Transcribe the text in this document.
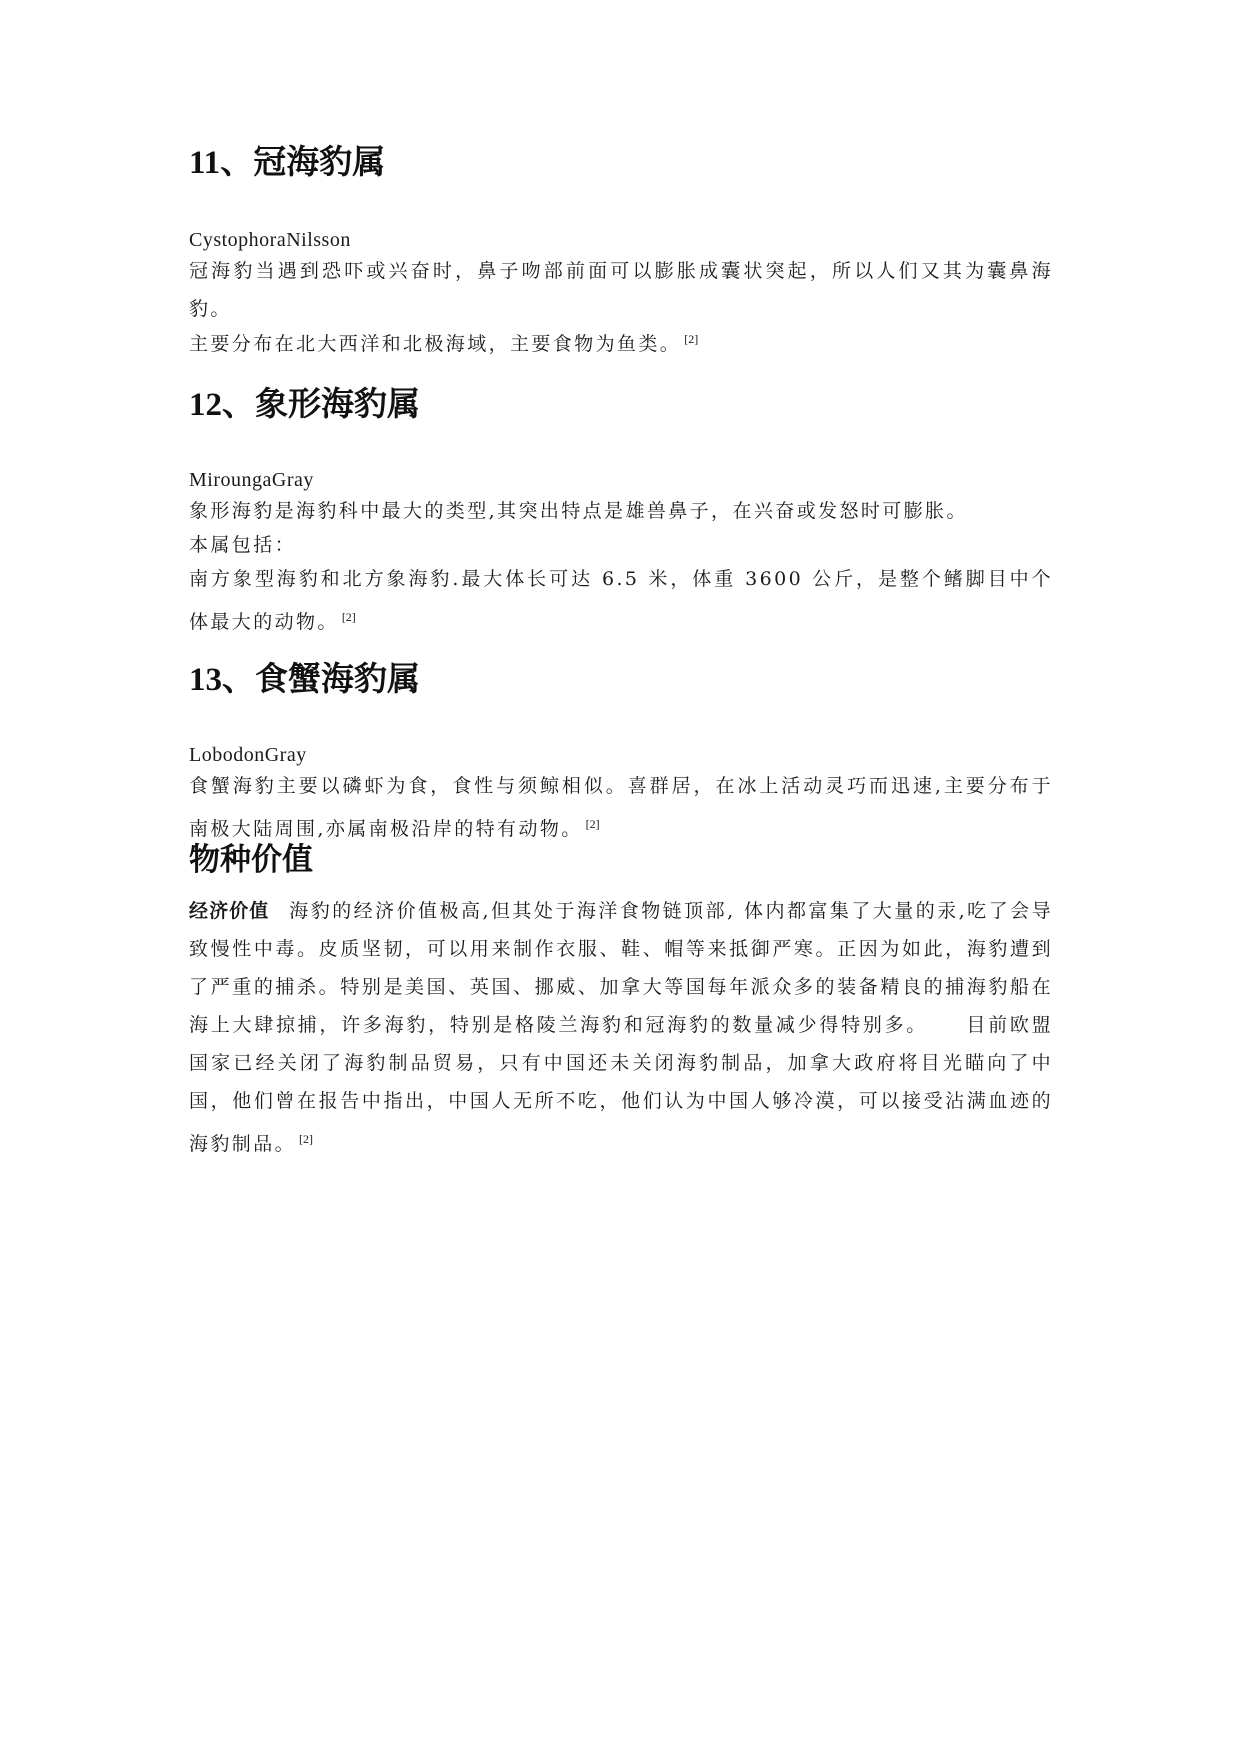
11、冠海豹属
CystophoraNilsson

冠海豹当遇到恐吓或兴奋时，鼻子吻部前面可以膨胀成囊状突起，所以人们又其为囊鼻海豹。

主要分布在北大西洋和北极海域，主要食物为鱼类。 [2]

12、象形海豹属
MiroungaGray

象形海豹是海豹科中最大的类型,其突出特点是雄兽鼻子，在兴奋或发怒时可膨胀。

本属包括：

南方象型海豹和北方象海豹.最大体长可达 6.5 米，体重 3600 公斤，是整个鳍脚目中个体最大的动物。 [2]

13、食蟹海豹属
LobodonGray

食蟹海豹主要以磷虾为食，食性与须鲸相似。喜群居，在冰上活动灵巧而迅速,主要分布于南极大陆周围,亦属南极沿岸的特有动物。 [2]

物种价值

经济价值 海豹的经济价值极高,但其处于海洋食物链顶部, 体内都富集了大量的汞,吃了会导致慢性中毒。皮质坚韧，可以用来制作衣服、鞋、帽等来抵御严寒。正因为如此，海豹遭到了严重的捕杀。特别是美国、英国、挪威、加拿大等国每年派众多的装备精良的捕海豹船在海上大肆掠捕，许多海豹，特别是格陵兰海豹和冠海豹的数量减少得特别多。 目前欧盟国家已经关闭了海豹制品贸易，只有中国还未关闭海豹制品，加拿大政府将目光瞄向了中国，他们曾在报告中指出，中国人无所不吃，他们认为中国人够冷漠，可以接受沾满血迹的海豹制品。 [2]
